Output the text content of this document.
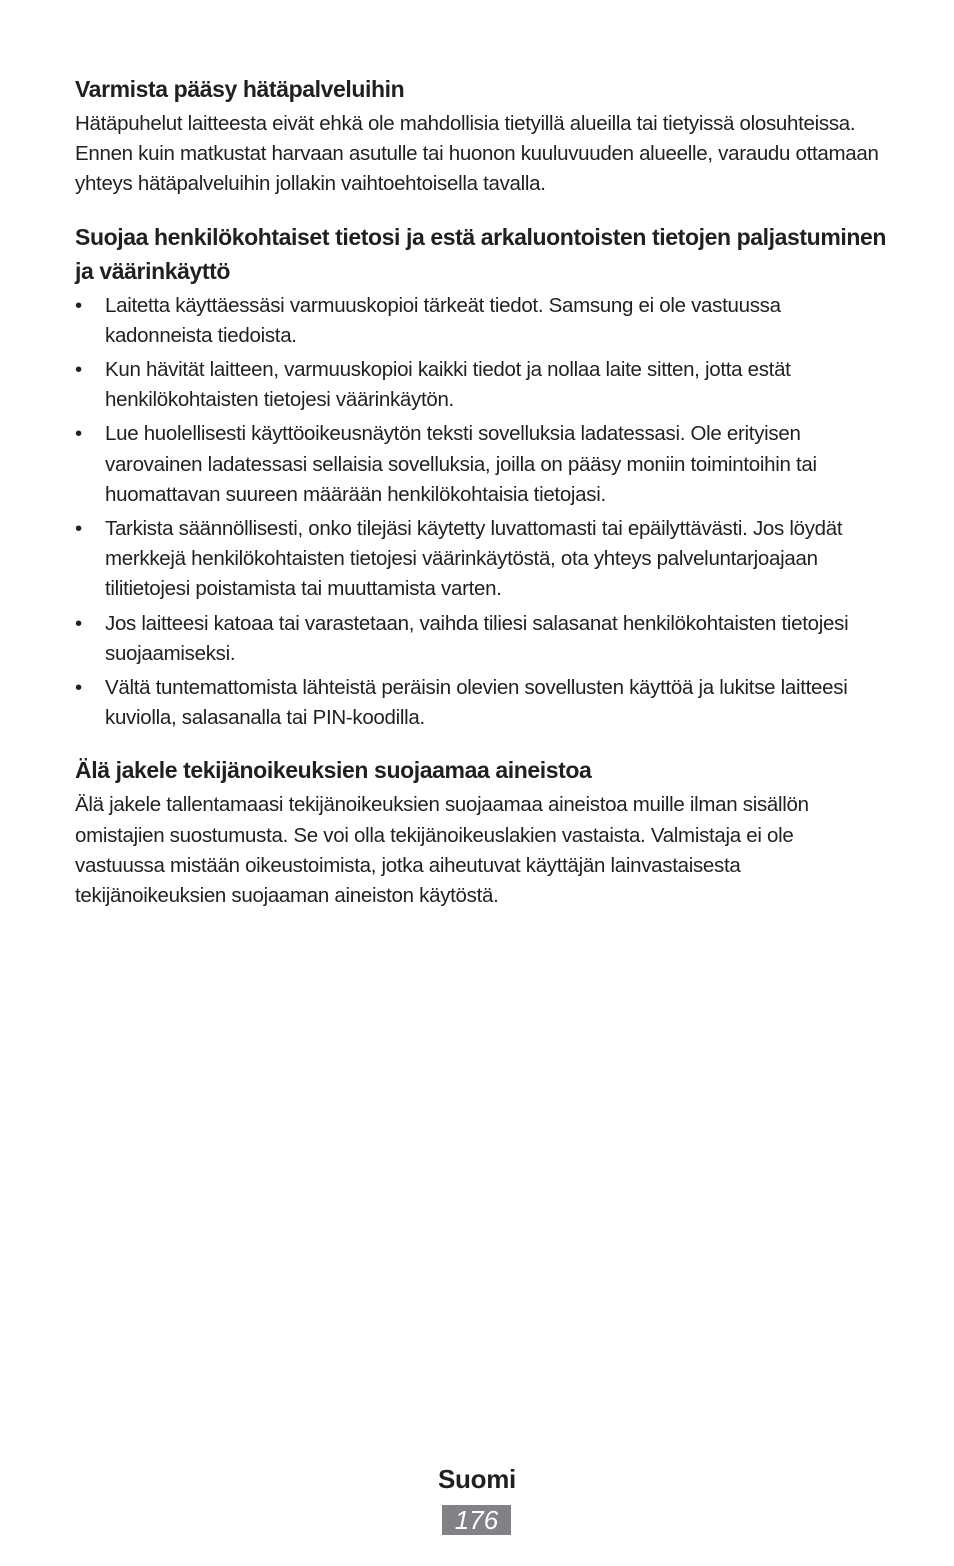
Varmista pääsy hätäpalveluihin

Hätäpuhelut laitteesta eivät ehkä ole mahdollisia tietyillä alueilla tai tietyissä olosuhteissa. Ennen kuin matkustat harvaan asutulle tai huonon kuuluvuuden alueelle, varaudu ottamaan yhteys hätäpalveluihin jollakin vaihtoehtoisella tavalla.

Suojaa henkilökohtaiset tietosi ja estä arkaluontoisten tietojen paljastuminen ja väärinkäyttö
• Laitetta käyttäessäsi varmuuskopioi tärkeät tiedot. Samsung ei ole vastuussa kadonneista tiedoista.
• Kun hävität laitteen, varmuuskopioi kaikki tiedot ja nollaa laite sitten, jotta estät henkilökohtaisten tietojesi väärinkäytön.
• Lue huolellisesti käyttöoikeusnäytön teksti sovelluksia ladatessasi. Ole erityisen varovainen ladatessasi sellaisia sovelluksia, joilla on pääsy moniin toimintoihin tai huomattavan suureen määrään henkilökohtaisia tietojasi.
• Tarkista säännöllisesti, onko tilejäsi käytetty luvattomasti tai epäilyttävästi. Jos löydät merkkejä henkilökohtaisten tietojesi väärinkäytöstä, ota yhteys palveluntarjoajaan tilitietojesi poistamista tai muuttamista varten.
• Jos laitteesi katoaa tai varastetaan, vaihda tiliesi salasanat henkilökohtaisten tietojesi suojaamiseksi.
• Vältä tuntemattomista lähteistä peräisin olevien sovellusten käyttöä ja lukitse laitteesi kuviolla, salasanalla tai PIN-koodilla.
Älä jakele tekijänoikeuksien suojaamaa aineistoa

Älä jakele tallentamaasi tekijänoikeuksien suojaamaa aineistoa muille ilman sisällön omistajien suostumusta. Se voi olla tekijänoikeuslakien vastaista. Valmistaja ei ole vastuussa mistään oikeustoimista, jotka aiheutuvat käyttäjän lainvastaisesta tekijänoikeuksien suojaaman aineiston käytöstä.

Suomi
176
